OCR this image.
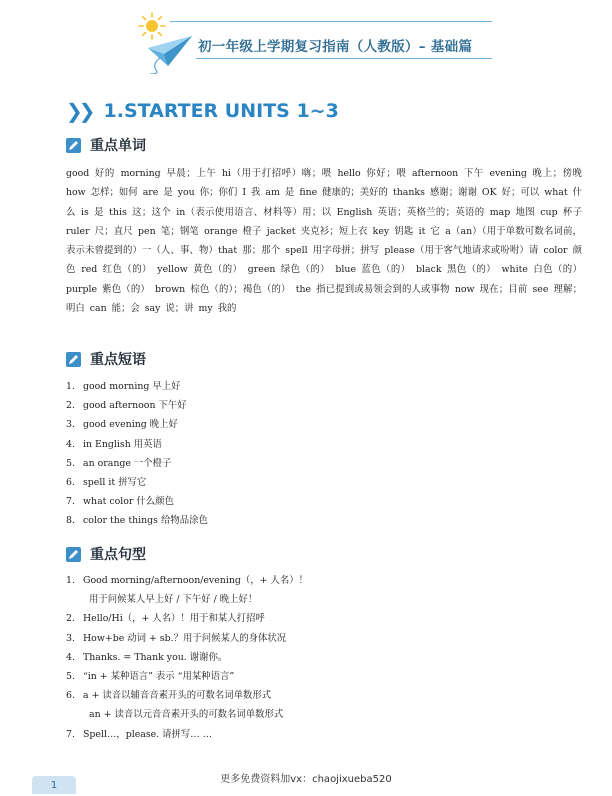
初一年级上学期复习指南（人教版）– 基础篇
❯❯ 1.STARTER UNITS 1~3
重点单词
good 好的 morning 早晨；上午 hi（用于打招呼）嗨；喂 hello 你好；喂 afternoon 下午 evening 晚上；傍晚 how 怎样；如何 are 是 you 你；你们 I 我 am 是 fine 健康的；美好的 thanks 感谢；谢谢 OK 好；可以 what 什么 is 是 this 这；这个 in（表示使用语言、材料等）用；以 English 英语；英格兰的；英语的 map 地图 cup 杯子 ruler 尺；直尺 pen 笔；钢笔 orange 橙子 jacket 夹克衫；短上衣 key 钥匙 it 它 a（an）（用于单数可数名词前，表示未曾提到的）一（人、事、物）that 那；那个 spell 用字母拼；拼写 please（用于客气地请求或吩咐）请 color 颜色 red 红色（的） yellow 黄色（的） green 绿色（的） blue 蓝色（的） black 黑色（的） white 白色（的） purple 紫色（的） brown 棕色（的）；褐色（的） the 指已提到或易领会到的人或事物 now 现在；目前 see 理解；明白 can 能；会 say 说；讲 my 我的
重点短语
1. good morning 早上好
2. good afternoon 下午好
3. good evening 晚上好
4. in English 用英语
5. an orange 一个橙子
6. spell it 拼写它
7. what color 什么颜色
8. color the things 给物品涂色
重点句型
1. Good morning/afternoon/evening（，+ 人名）！
用于问候某人早上好 / 下午好 / 晚上好！
2. Hello/Hi（，+ 人名）！用于和某人打招呼
3. How+be 动词 + sb.？用于问候某人的身体状况
4. Thanks. = Thank you. 谢谢你。
5. “in + 某种语言” 表示 “用某种语言”
6. a + 读音以辅音音素开头的可数名词单数形式
an + 读音以元音音素开头的可数名词单数形式
7. Spell…，please. 请拼写… …
1
更多免费资料加vx：chaojixueba520
